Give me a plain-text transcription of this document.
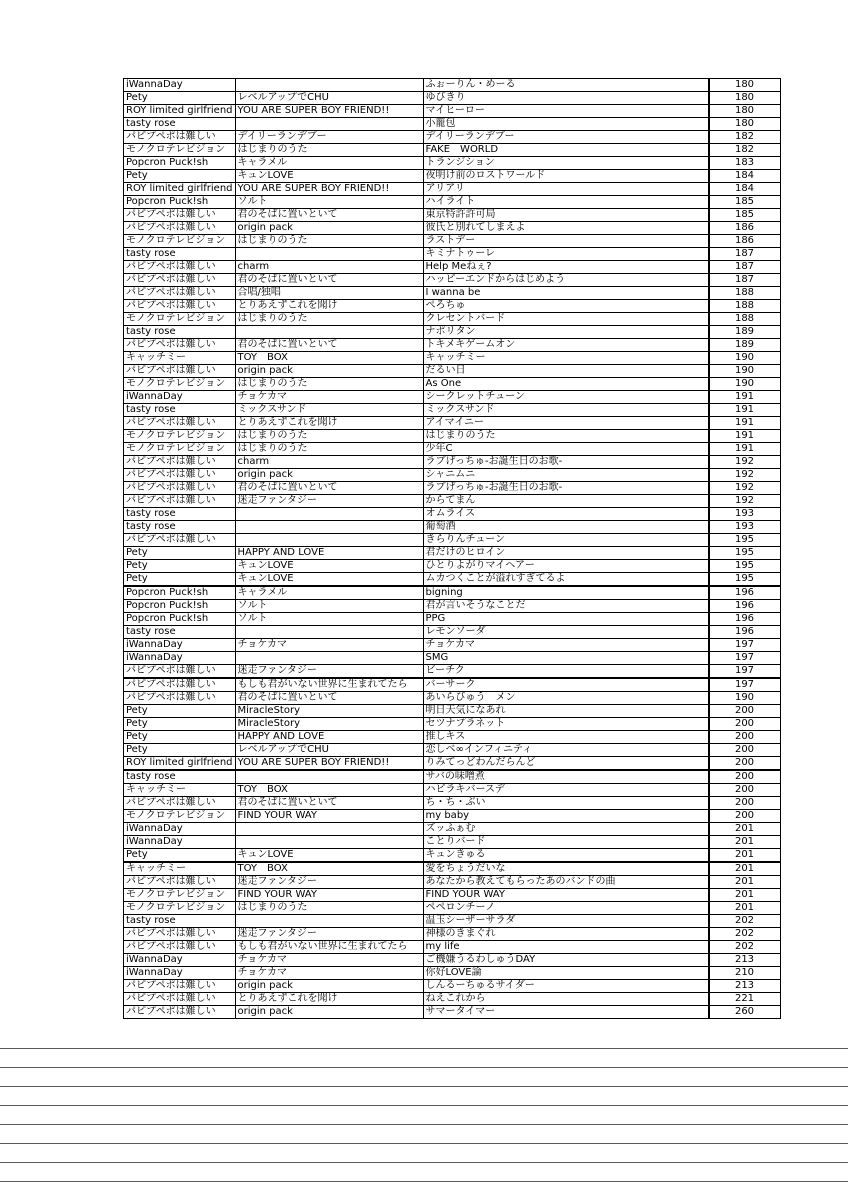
iWannaDay		ふぉーりん・めーる		180
Pety	レベルアップでCHU	ゆびきり		180
ROY limited girlfriend	YOU ARE SUPER BOY FRIEND!!	マイヒーロー		180
tasty rose		小籠包		180
パピプペポは難しい	デイリーランデブー	デイリーランデブー		182
モノクロテレビジョン	はじまりのうた	FAKE　WORLD		182
Popcron Puck!sh	キャラメル	トランジション		183
Pety	キュンLOVE	夜明け前のロストワールド		184
ROY limited girlfriend	YOU ARE SUPER BOY FRIEND!!	アリアリ		184
Popcron Puck!sh	ソルト	ハイライト		185
パピプペポは難しい	君のそばに置いといて	東京特許許可局		185
パピプペポは難しい	origin pack	彼氏と別れてしまえよ		186
モノクロテレビジョン	はじまりのうた	ラストデー		186
tasty rose		キミナトゥーレ		187
パピプペポは難しい	charm	Help Meねぇ?		187
パピプペポは難しい	君のそばに置いといて	ハッピーエンドからはじめよう		187
パピプペポは難しい	合唱/独唱	I wanna be		188
パピプペポは難しい	とりあえずこれを聞け	ぺろちゅ		188
モノクロテレビジョン	はじまりのうた	クレセントバード		188
tasty rose		ナポリタン		189
パピプペポは難しい	君のそばに置いといて	トキメキゲームオン		189
キャッチミー	TOY　BOX	キャッチミー		190
パピプペポは難しい	origin pack	だるい日		190
モノクロテレビジョン	はじまりのうた	As One		190
iWannaDay	チョケカマ	シークレットチューン		191
tasty rose	ミックスサンド	ミックスサンド		191
パピプペポは難しい	とりあえずこれを聞け	アイマイニー		191
モノクロテレビジョン	はじまりのうた	はじまりのうた		191
モノクロテレビジョン	はじまりのうた	少年C		191
パピプペポは難しい	charm	ラブげっちゅ-お誕生日のお歌-		192
パピプペポは難しい	origin pack	シャニムニ		192
パピプペポは難しい	君のそばに置いといて	ラブげっちゅ-お誕生日のお歌-		192
パピプペポは難しい	迷走ファンタジー	からてまん		192
tasty rose		オムライス		193
tasty rose		葡萄酒		193
パピプペポは難しい		きらりんチューン		195
Pety	HAPPY AND LOVE	君だけのヒロイン		195
Pety	キュンLOVE	ひとりよがりマイヘアー		195
Pety	キュンLOVE	ムカつくことが溢れすぎてるよ		195
Popcron Puck!sh	キャラメル	bigning		196
Popcron Puck!sh	ソルト	君が言いそうなことだ		196
Popcron Puck!sh	ソルト	PPG		196
tasty rose		レモンソーダ		196
iWannaDay	チョケカマ	チョケカマ		197
iWannaDay		SMG		197
パピプペポは難しい	迷走ファンタジー	ビーチク		197
パピプペポは難しい	もしも君がいない世界に生まれてたら	バーサーク		197
パピプペポは難しい	君のそばに置いといて	あいらびゅう　メン		190
Pety	MiracleStory	明日天気になあれ		200
Pety	MiracleStory	セツナプラネット		200
Pety	HAPPY AND LOVE	推しキス		200
Pety	レベルアップでCHU	恋しベ∞インフィニティ		200
ROY limited girlfriend	YOU ARE SUPER BOY FRIEND!!	りみてっどわんだらんど		200
tasty rose		サバの味噌煮		200
キャッチミー	TOY　BOX	ハピラキバースデ		200
パピプペポは難しい	君のそばに置いといて	ち・ち・ぶい		200
モノクロテレビジョン	FIND YOUR WAY	my baby		200
iWannaDay		ズッふぁむ		201
iWannaDay		ことりバード		201
Pety	キュンLOVE	キュンきゅる		201
キャッチミー	TOY　BOX	愛をちょうだいな		201
パピプペポは難しい	迷走ファンタジー	あなたから教えてもらったあのバンドの曲		201
モノクロテレビジョン	FIND YOUR WAY	FIND YOUR WAY		201
モノクロテレビジョン	はじまりのうた	ペペロンチーノ		201
tasty rose		温玉シーザーサラダ		202
パピプペポは難しい	迷走ファンタジー	神様のきまぐれ		202
パピプペポは難しい	もしも君がいない世界に生まれてたら	my life		202
iWannaDay	チョケカマ	ご機嫌うるわしゅうDAY		213
iWannaDay	チョケカマ	你好LOVE論		210
パピプペポは難しい	origin pack	しんるーちゅるサイダー		213
パピプペポは難しい	とりあえずこれを聞け	ねえこれから		221
パピプペポは難しい	origin pack	サマータイマー		260
